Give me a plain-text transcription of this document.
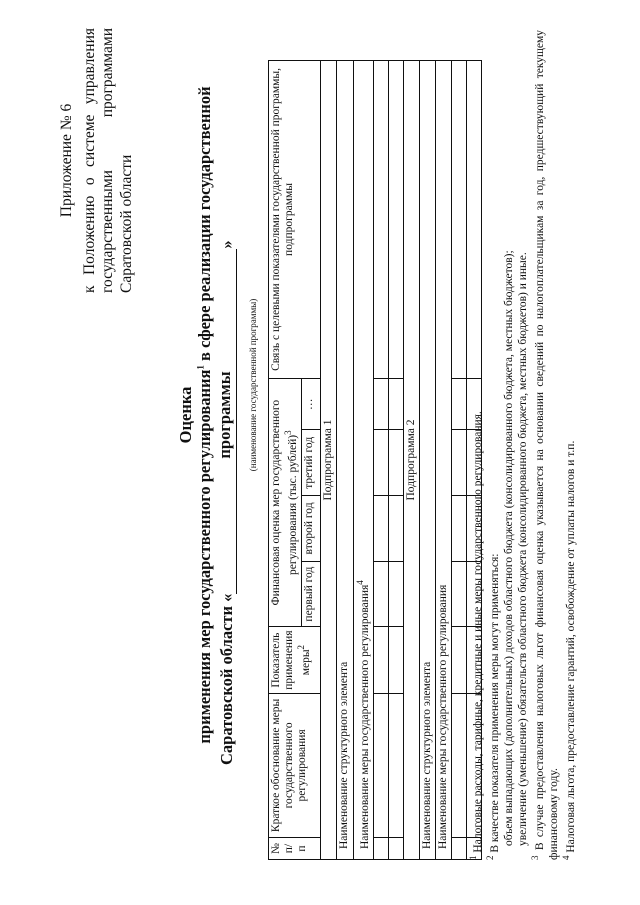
Приложение № 6 к Положению о системе управления государственными программами Саратовской области
Оценка применения мер государственного регулирования$^1$ в сфере реализации государственной программы
Саратовской области «»
(наименование государственной программы)
№ п/п	Краткое обоснование меры государственного регулирования	Показатель применения меры$^2$	Финансовая оценка мер государственного регулирования (тыс. рублей)$^3$				Связь с целевыми показателями государственной программы, подпрограммы
			первый год	второй год	третий год	…	
Подпрограмма 1							
Наименование структурного элемента							
Наименование меры государственного регулирования$^4$

Подпрограмма 2							
Наименование структурного элемента							
Наименование меры государственного регулирования							

$^1$ Налоговые расходы, тарифные, кредитные и иные меры государственного регулирования.

$^2$ В качестве показателя применения меры могут применяться: объем выпадающих (дополнительных) доходов областного бюджета (консолидированного бюджета, местных бюджетов); увеличение (уменьшение) обязательств областного бюджета (консолидированного бюджета, местных бюджетов) и иные.

$^3$ В случае предоставления налоговых льгот финансовая оценка указывается на основании сведений по налогоплательщикам за год, предшествующий текущему финансовому году. $^4$ Налоговая льгота, предоставление гарантий, освобождение от уплаты налогов и т.п.
